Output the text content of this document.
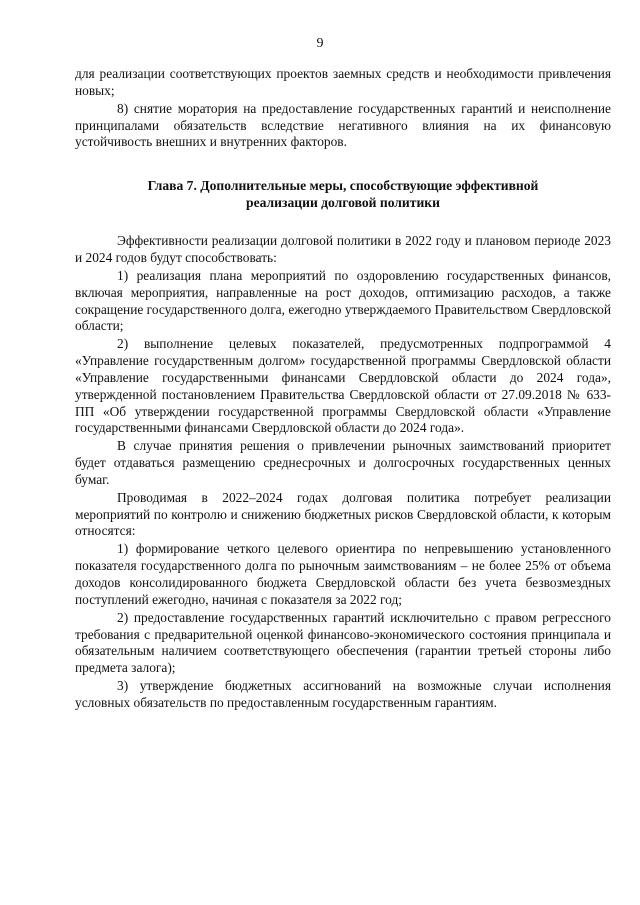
9

для реализации соответствующих проектов заемных средств и необходимости привлечения новых;

8) снятие моратория на предоставление государственных гарантий и неисполнение принципалами обязательств вследствие негативного влияния на их финансовую устойчивость внешних и внутренних факторов.

Глава 7. Дополнительные меры, способствующие эффективной
реализации долговой политики

Эффективности реализации долговой политики в 2022 году и плановом периоде 2023 и 2024 годов будут способствовать:

1) реализация плана мероприятий по оздоровлению государственных финансов, включая мероприятия, направленные на рост доходов, оптимизацию расходов, а также сокращение государственного долга, ежегодно утверждаемого Правительством Свердловской области;

2) выполнение целевых показателей, предусмотренных подпрограммой 4 «Управление государственным долгом» государственной программы Свердловской области «Управление государственными финансами Свердловской области до 2024 года», утвержденной постановлением Правительства Свердловской области от 27.09.2018 № 633-ПП «Об утверждении государственной программы Свердловской области «Управление государственными финансами Свердловской области до 2024 года».

В случае принятия решения о привлечении рыночных заимствований приоритет будет отдаваться размещению среднесрочных и долгосрочных государственных ценных бумаг.

Проводимая в 2022–2024 годах долговая политика потребует реализации мероприятий по контролю и снижению бюджетных рисков Свердловской области, к которым относятся:

1) формирование четкого целевого ориентира по непревышению установленного показателя государственного долга по рыночным заимствованиям – не более 25% от объема доходов консолидированного бюджета Свердловской области без учета безвозмездных поступлений ежегодно, начиная с показателя за 2022 год;

2) предоставление государственных гарантий исключительно с правом регрессного требования с предварительной оценкой финансово-экономического состояния принципала и обязательным наличием соответствующего обеспечения (гарантии третьей стороны либо предмета залога);

3) утверждение бюджетных ассигнований на возможные случаи исполнения условных обязательств по предоставленным государственным гарантиям.
